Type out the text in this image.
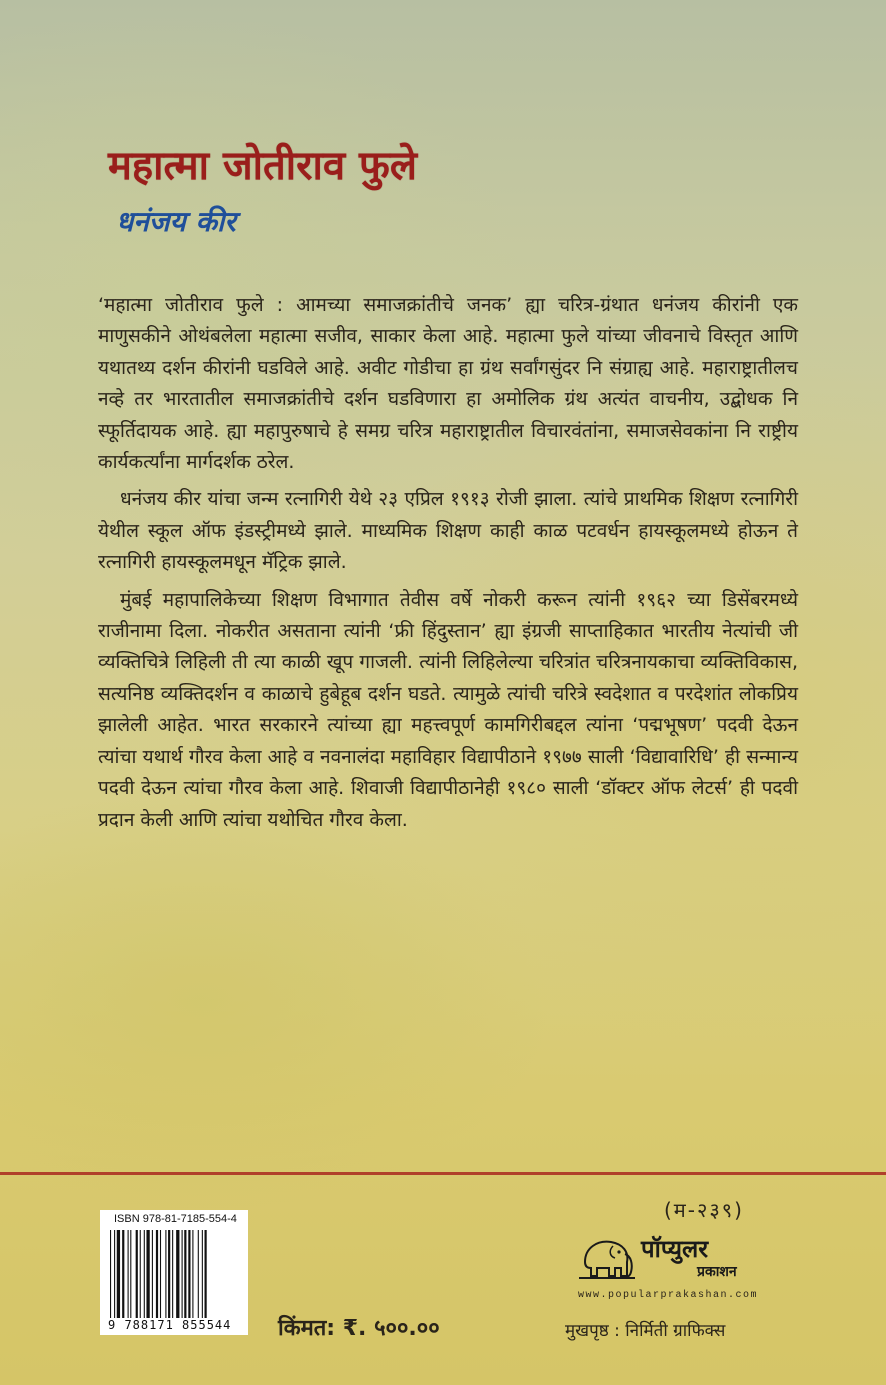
महात्मा जोतीराव फुले
धनंजय कीर

‘महात्मा जोतीराव फुले : आमच्या समाजक्रांतीचे जनक’ ह्या चरित्र-ग्रंथात धनंजय कीरांनी एक माणुसकीने ओथंबलेला महात्मा सजीव, साकार केला आहे. महात्मा फुले यांच्या जीवनाचे विस्तृत आणि यथातथ्य दर्शन कीरांनी घडविले आहे. अवीट गोडीचा हा ग्रंथ सर्वांगसुंदर नि संग्राह्य आहे. महाराष्ट्रातीलच नव्हे तर भारतातील समाजक्रांतीचे दर्शन घडविणारा हा अमोलिक ग्रंथ अत्यंत वाचनीय, उद्बोधक नि स्फूर्तिदायक आहे. ह्या महापुरुषाचे हे समग्र चरित्र महाराष्ट्रातील विचारवंतांना, समाजसेवकांना नि राष्ट्रीय कार्यकर्त्यांना मार्गदर्शक ठरेल.

धनंजय कीर यांचा जन्म रत्नागिरी येथे २३ एप्रिल १९१३ रोजी झाला. त्यांचे प्राथमिक शिक्षण रत्नागिरी येथील स्कूल ऑफ इंडस्ट्रीमध्ये झाले. माध्यमिक शिक्षण काही काळ पटवर्धन हायस्कूलमध्ये होऊन ते रत्नागिरी हायस्कूलमधून मॅट्रिक झाले.

मुंबई महापालिकेच्या शिक्षण विभागात तेवीस वर्षे नोकरी करून त्यांनी १९६२ च्या डिसेंबरमध्ये राजीनामा दिला. नोकरीत असताना त्यांनी ‘फ्री हिंदुस्तान’ ह्या इंग्रजी साप्ताहिकात भारतीय नेत्यांची जी व्यक्तिचित्रे लिहिली ती त्या काळी खूप गाजली. त्यांनी लिहिलेल्या चरित्रांत चरित्रनायकाचा व्यक्तिविकास, सत्यनिष्ठ व्यक्तिदर्शन व काळाचे हुबेहूब दर्शन घडते. त्यामुळे त्यांची चरित्रे स्वदेशात व परदेशांत लोकप्रिय झालेली आहेत. भारत सरकारने त्यांच्या ह्या महत्त्वपूर्ण कामगिरीबद्दल त्यांना ‘पद्मभूषण’ पदवी देऊन त्यांचा यथार्थ गौरव केला आहे व नवनालंदा महाविहार विद्यापीठाने १९७७ साली ‘विद्यावारिधि’ ही सन्मान्य पदवी देऊन त्यांचा गौरव केला आहे. शिवाजी विद्यापीठानेही १९८० साली ‘डॉक्टर ऑफ लेटर्स’ ही पदवी प्रदान केली आणि त्यांचा यथोचित गौरव केला.

(म-२३९)
ISBN 978-81-7185-554-4
9 788171 855544 किंमत: ₹. ५००.००
पॉप्युलर
प्रकाशन
www.popularprakashan.com
मुखपृष्ठ : निर्मिती ग्राफिक्स
